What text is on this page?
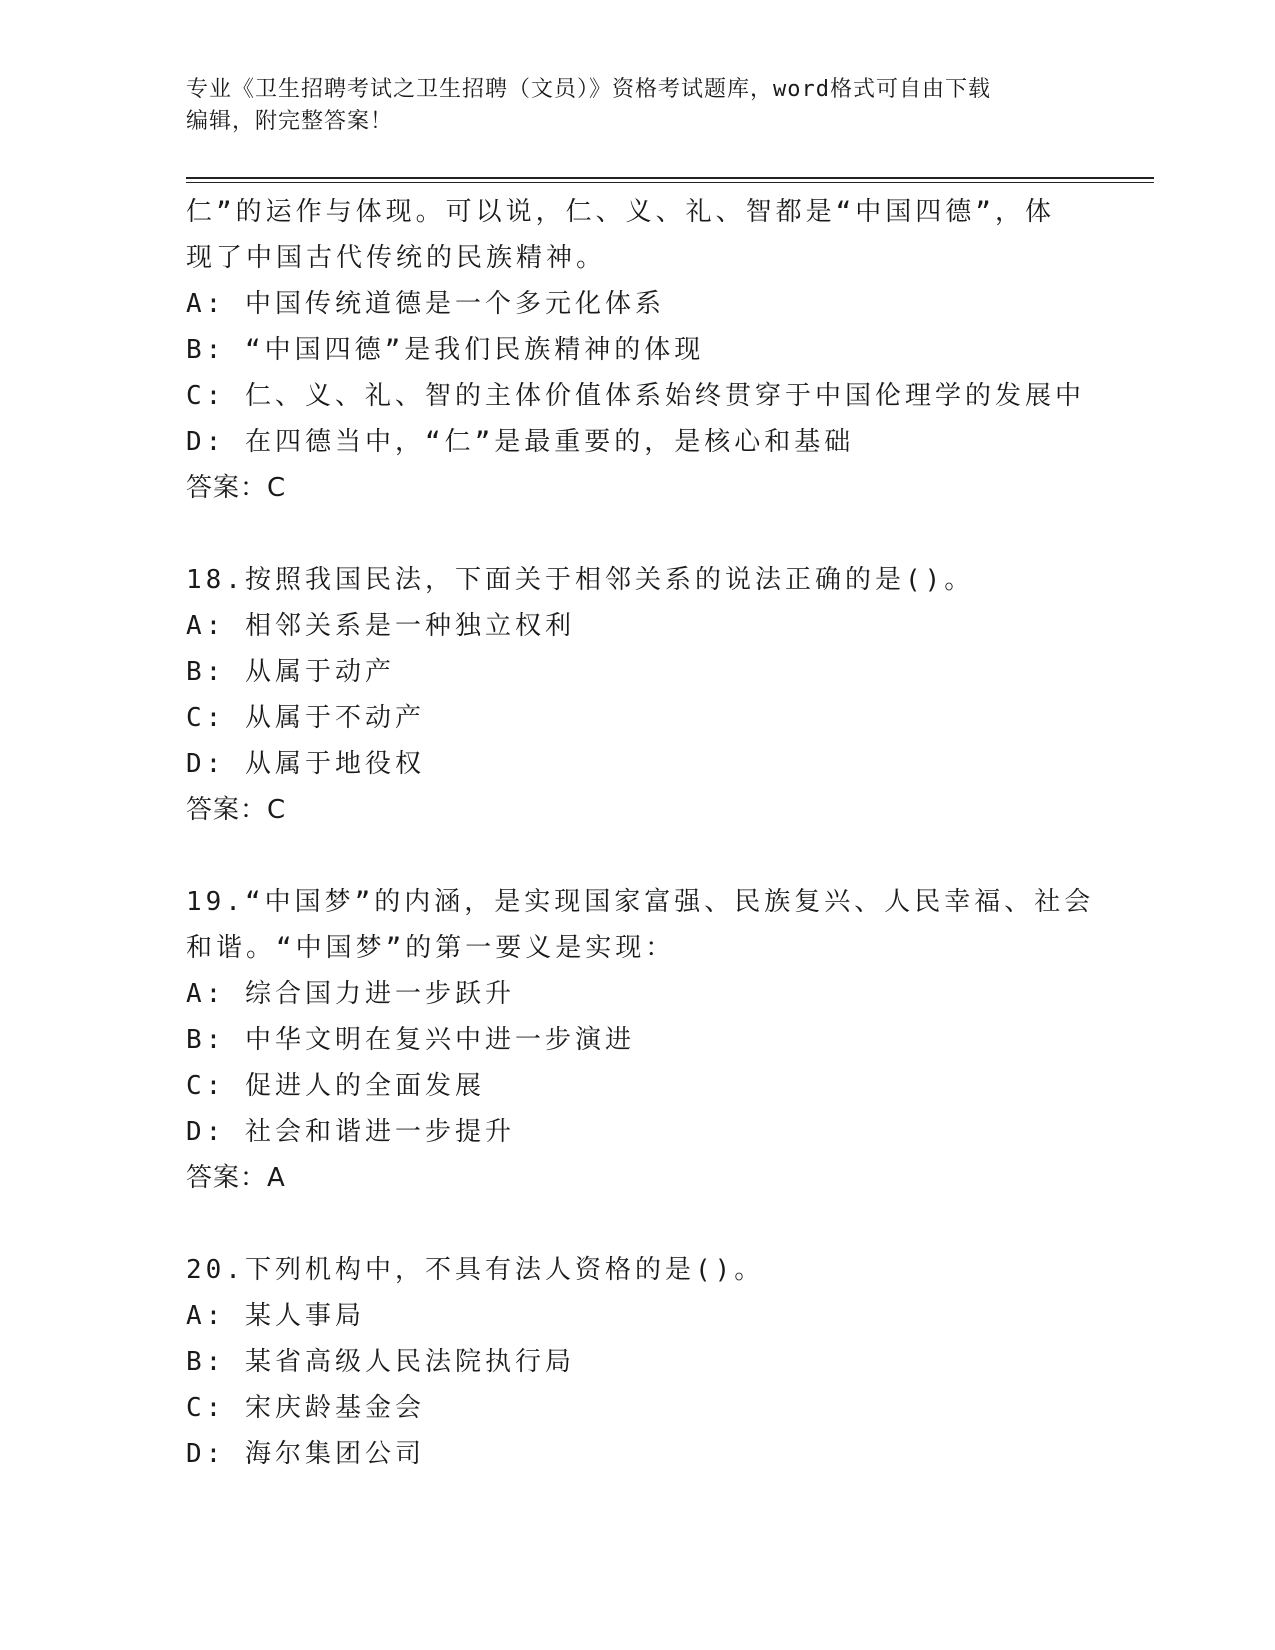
专业《卫生招聘考试之卫生招聘（文员）》资格考试题库，word格式可自由下载
编辑，附完整答案！
仁”的运作与体现。可以说，仁、义、礼、智都是“中国四德”，体
现了中国古代传统的民族精神。
A: 中国传统道德是一个多元化体系
B: “中国四德”是我们民族精神的体现
C: 仁、义、礼、智的主体价值体系始终贯穿于中国伦理学的发展中
D: 在四德当中，“仁”是最重要的，是核心和基础
答案：C
18.按照我国民法，下面关于相邻关系的说法正确的是()。
A: 相邻关系是一种独立权利
B: 从属于动产
C: 从属于不动产
D: 从属于地役权
答案：C
19.“中国梦”的内涵，是实现国家富强、民族复兴、人民幸福、社会
和谐。“中国梦”的第一要义是实现：
A: 综合国力进一步跃升
B: 中华文明在复兴中进一步演进
C: 促进人的全面发展
D: 社会和谐进一步提升
答案：A
20.下列机构中，不具有法人资格的是()。
A: 某人事局
B: 某省高级人民法院执行局
C: 宋庆龄基金会
D: 海尔集团公司
